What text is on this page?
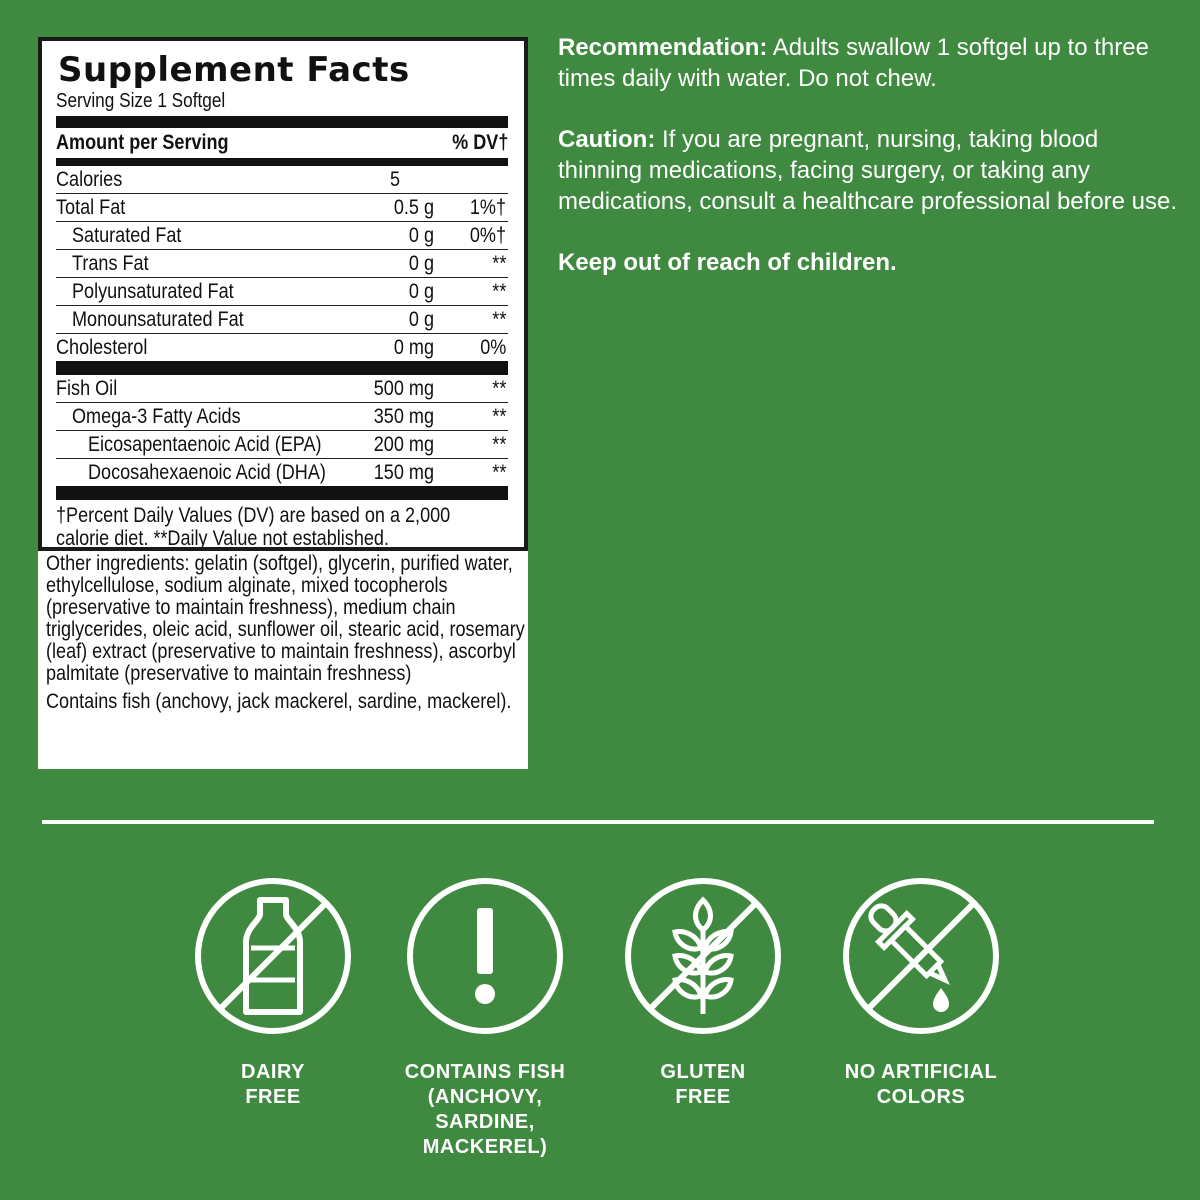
Supplement Facts
Serving Size 1 Softgel
Amount per Serving	% DV†
Calories	5
Total Fat	0.5 g 1%†
Saturated Fat	0 g 0%†
Trans Fat	0 g	**
Polyunsaturated Fat	0 g	**
Monounsaturated Fat	0 g	**
Cholesterol	0 mg 0%
Fish Oil	500 mg	**
Omega-3 Fatty Acids	350 mg	**
Eicosapentaenoic Acid (EPA)	200 mg	**
Docosahexaenoic Acid (DHA)	150 mg	**
†Percent Daily Values (DV) are based on a 2,000
calorie diet. **Daily Value not established.

Other ingredients: gelatin (softgel), glycerin, purified water, ethylcellulose, sodium alginate, mixed tocopherols (preservative to maintain freshness), medium chain triglycerides, oleic acid, sunflower oil, stearic acid, rosemary (leaf) extract (preservative to maintain freshness), ascorbyl palmitate (preservative to maintain freshness)

Contains fish (anchovy, jack mackerel, sardine, mackerel).

Recommendation: Adults swallow 1 softgel up to three times daily with water. Do not chew.

Caution: If you are pregnant, nursing, taking blood thinning medications, facing surgery, or taking any medications, consult a healthcare professional before use.

Keep out of reach of children.

DAIRY
FREE
CONTAINS FISH
(ANCHOVY,
SARDINE,
MACKEREL)
GLUTEN
FREE
NO ARTIFICIAL
COLORS
